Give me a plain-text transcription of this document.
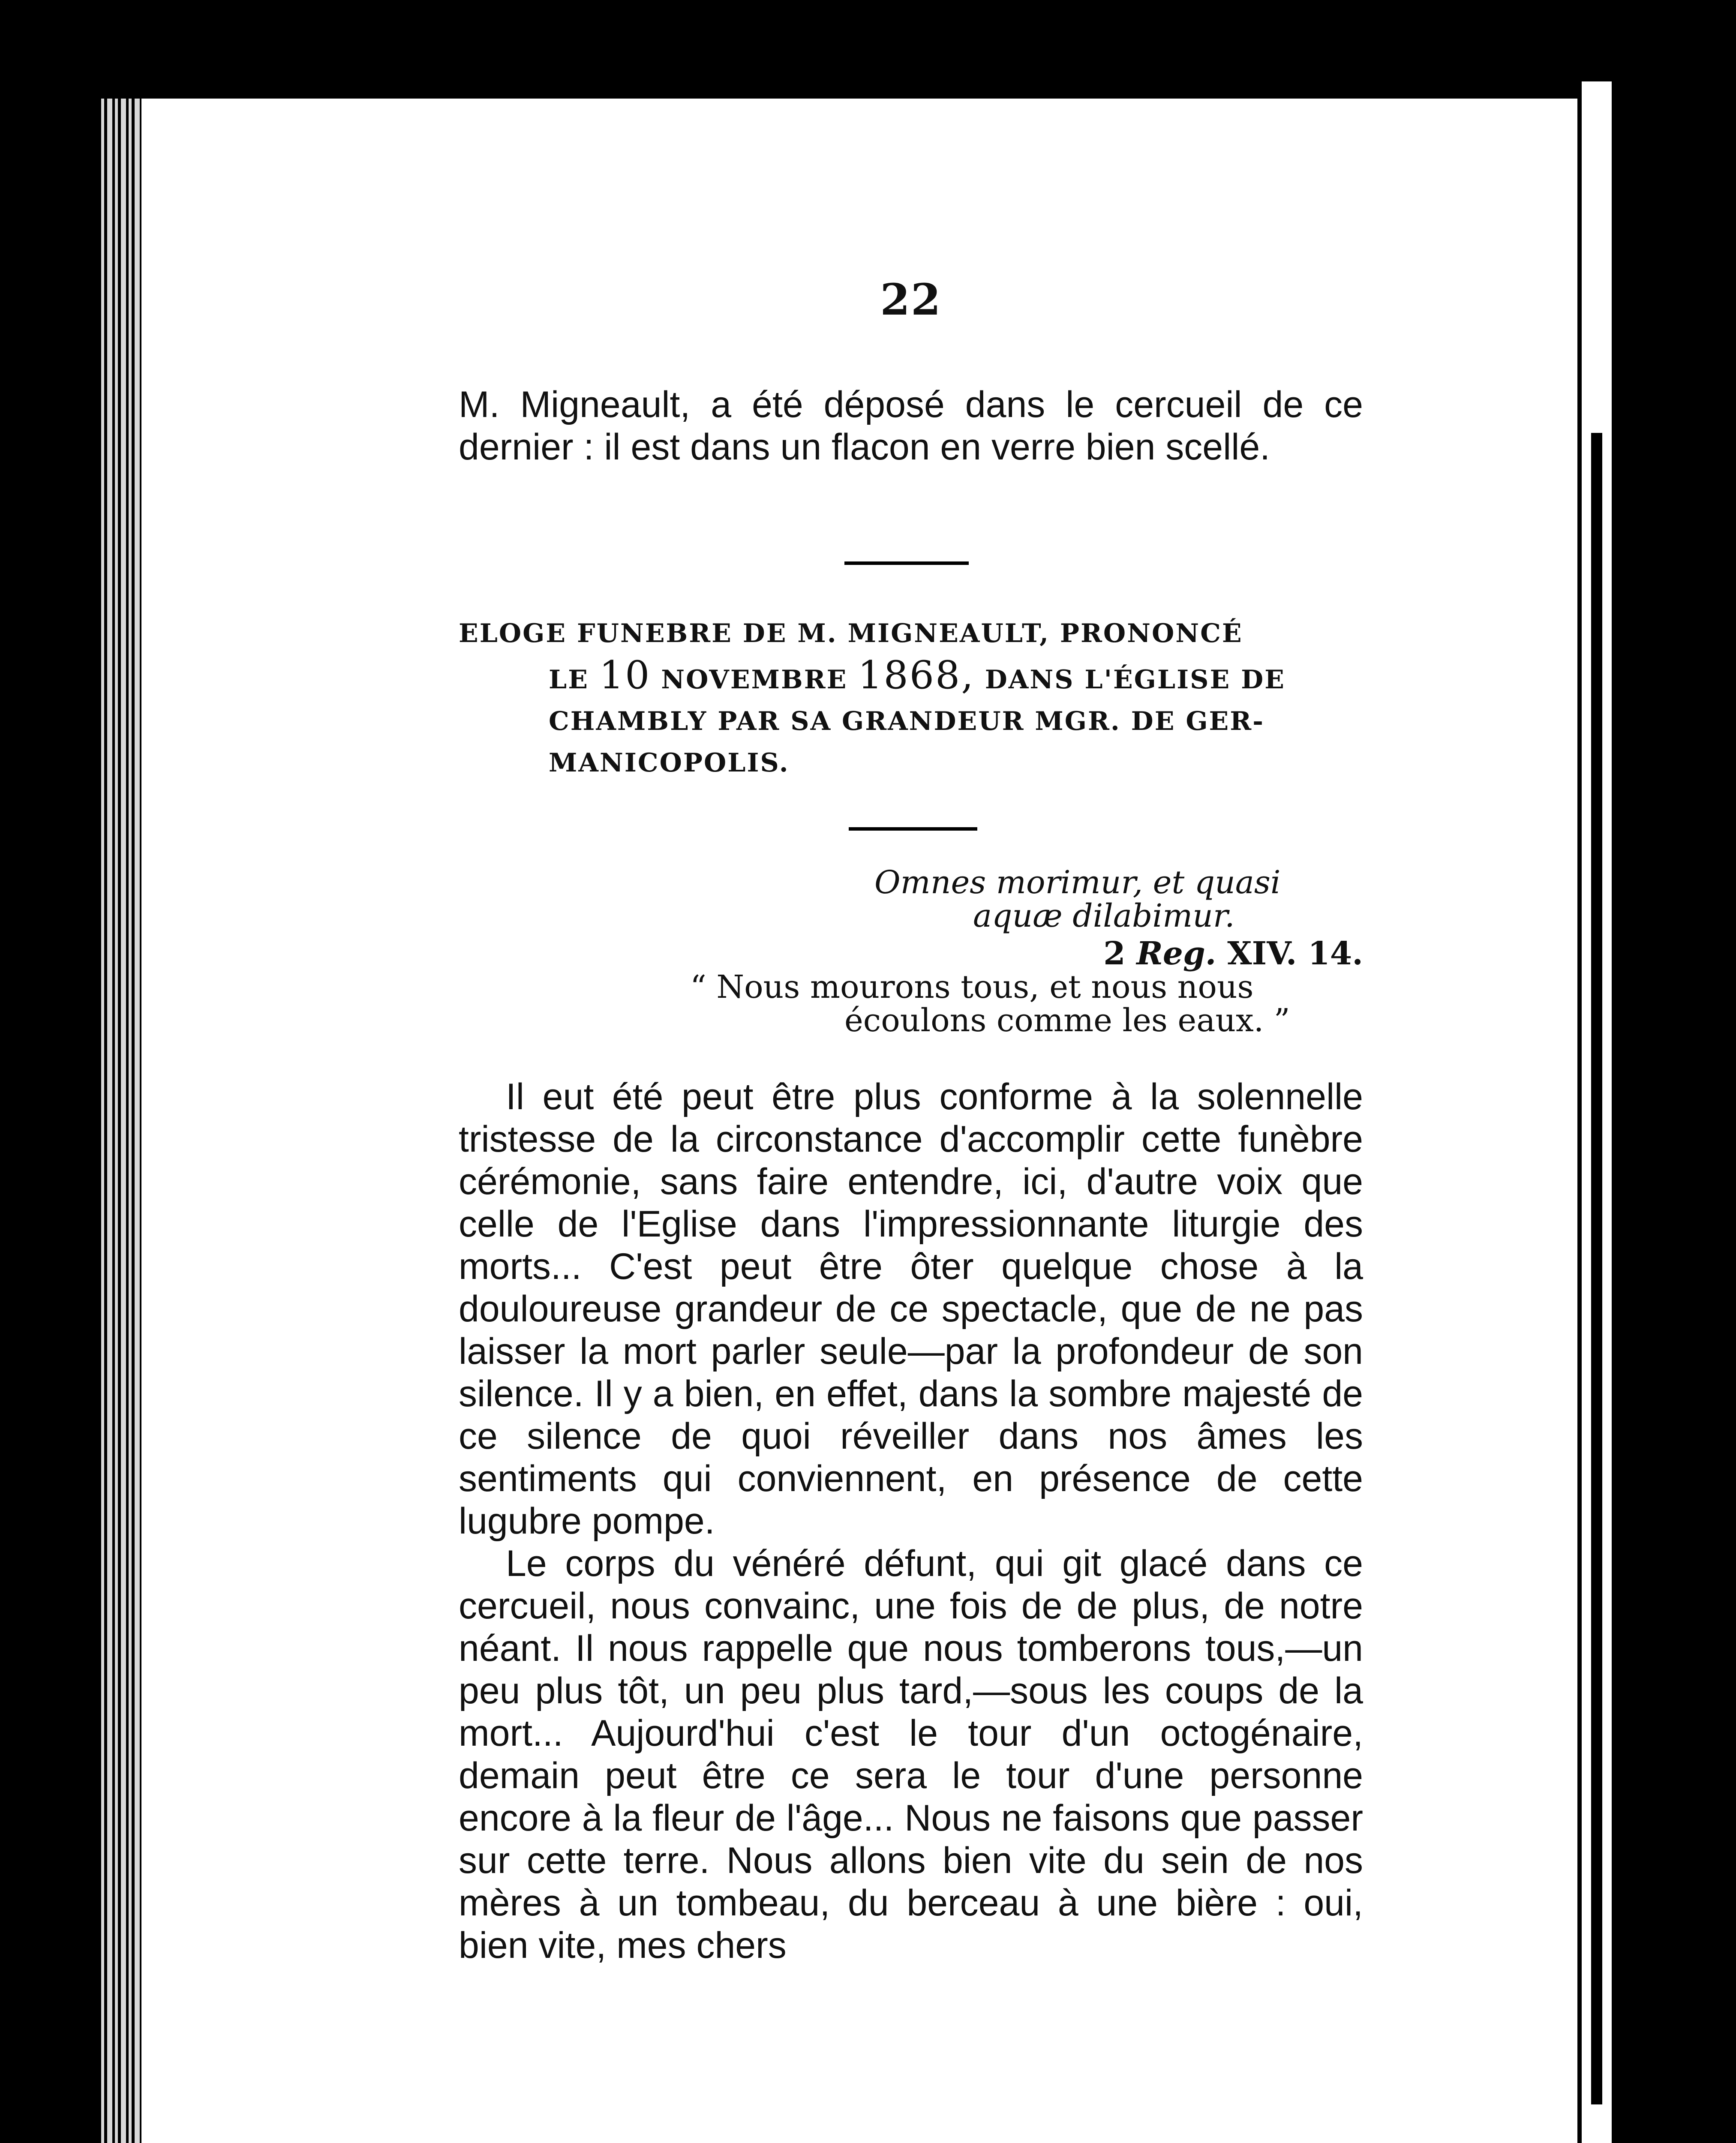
22

M. Migneault, a été déposé dans le cercueil de ce dernier : il est dans un flacon en verre bien scellé.

ELOGE FUNEBRE DE M. MIGNEAULT, PRONONCÉ
LE 10 NOVEMBRE 1868, DANS L'ÉGLISE DE
CHAMBLY PAR SA GRANDEUR MGR. DE GER-
MANICOPOLIS.
Omnes morimur, et quasi
aquæ dilabimur.
2 Reg. XIV. 14.
“ Nous mourons tous, et nous nous
écoulons comme les eaux. ”

Il eut été peut être plus conforme à la solennelle tristesse de la circonstance d'accomplir cette funèbre cérémonie, sans faire entendre, ici, d'autre voix que celle de l'Eglise dans l'impressionnante liturgie des morts... C'est peut être ôter quelque chose à la douloureuse grandeur de ce spectacle, que de ne pas laisser la mort parler seule—par la profondeur de son silence. Il y a bien, en effet, dans la sombre majesté de ce silence de quoi réveiller dans nos âmes les sentiments qui conviennent, en présence de cette lugubre pompe.

Le corps du vénéré défunt, qui git glacé dans ce cercueil, nous convainc, une fois de de plus, de notre néant. Il nous rappelle que nous tomberons tous,—un peu plus tôt, un peu plus tard,—sous les coups de la mort... Aujourd'hui c'est le tour d'un octogénaire, demain peut être ce sera le tour d'une personne encore à la fleur de l'âge... Nous ne faisons que passer sur cette terre. Nous allons bien vite du sein de nos mères à un tombeau, du berceau à une bière : oui, bien vite, mes chers
